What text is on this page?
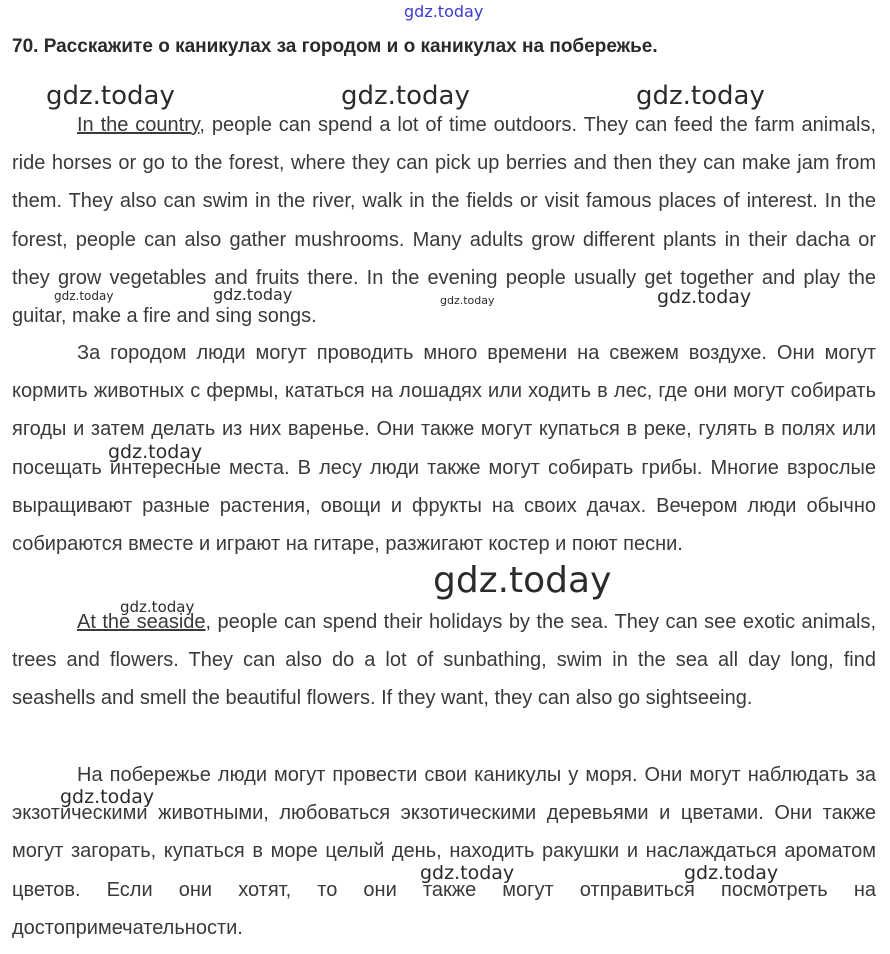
70. Расскажите о каникулах за городом и о каникулах на побережье.

In the country, people can spend a lot of time outdoors. They can feed the farm animals, ride horses or go to the forest, where they can pick up berries and then they can make jam from them. They also can swim in the river, walk in the fields or visit famous places of interest. In the forest, people can also gather mushrooms. Many adults grow different plants in their dacha or they grow vegetables and fruits there. In the evening people usually get together and play the guitar, make a fire and sing songs.

За городом люди могут проводить много времени на свежем воздухе. Они могут кормить животных с фермы, кататься на лошадях или ходить в лес, где они могут собирать ягоды и затем делать из них варенье. Они также могут купаться в реке, гулять в полях или посещать интересные места. В лесу люди также могут собирать грибы. Многие взрослые выращивают разные растения, овощи и фрукты на своих дачах. Вечером люди обычно собираются вместе и играют на гитаре, разжигают костер и поют песни.

At the seaside, people can spend their holidays by the sea. They can see exotic animals, trees and flowers. They can also do a lot of sunbathing, swim in the sea all day long, find seashells and smell the beautiful flowers. If they want, they can also go sightseeing.

На побережье люди могут провести свои каникулы у моря. Они могут наблюдать за экзотическими животными, любоваться экзотическими деревьями и цветами. Они также могут загорать, купаться в море целый день, находить ракушки и наслаждаться ароматом цветов. Если они хотят, то они также могут отправиться посмотреть на достопримечательности.

gdz.today
gdz.today	gdz.today	gdz.today
gdz.today	gdz.today	gdz.today	gdz.today
gdz.today
gdz.today
gdz.today
gdz.today
gdz.today	gdz.today
